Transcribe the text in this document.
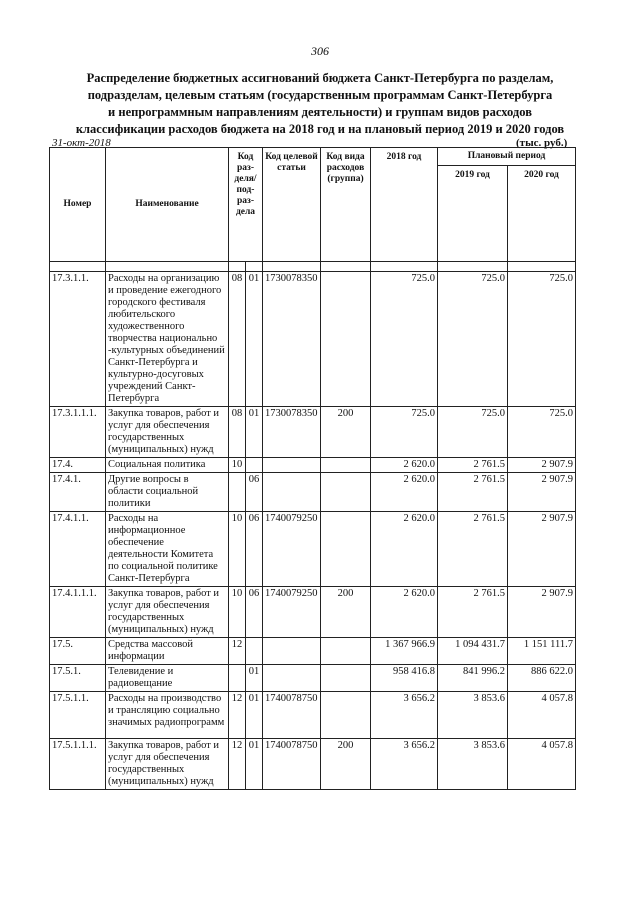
306
Распределение бюджетных ассигнований бюджета Санкт-Петербурга по разделам,
подразделам, целевым статьям (государственным программам Санкт-Петербурга
и непрограммным направлениям деятельности) и группам видов расходов
классификации расходов бюджета на 2018 год и на плановый период 2019 и 2020 годов
31-окт-2018	(тыс. руб.)
Номер	Наименование	Код раз- деля/ под- раз- дела		Код целевой статьи	Код вида расходов (группа)	2018 год	Плановый период	
							2019 год	2020 год

17.3.1.1.	Расходы на организацию и проведение ежегодного городского фестиваля любительского художественного творчества национально -культурных объединений Санкт-Петербурга и культурно-досуговых учреждений Санкт-Петербурга	08	01	1730078350		725.0	725.0	725.0
17.3.1.1.1.	Закупка товаров, работ и услуг для обеспечения государственных (муниципальных) нужд	08	01	1730078350	200	725.0	725.0	725.0
17.4.	Социальная политика	10				2 620.0	2 761.5	2 907.9
17.4.1.	Другие вопросы в области социальной политики		06			2 620.0	2 761.5	2 907.9
17.4.1.1.	Расходы на информационное обеспечение деятельности Комитета по социальной политике Санкт-Петербурга	10	06	1740079250		2 620.0	2 761.5	2 907.9
17.4.1.1.1.	Закупка товаров, работ и услуг для обеспечения государственных (муниципальных) нужд	10	06	1740079250	200	2 620.0	2 761.5	2 907.9
17.5.	Средства массовой информации	12				1 367 966.9	1 094 431.7	1 151 111.7
17.5.1.	Телевидение и радиовещание		01			958 416.8	841 996.2	886 622.0
17.5.1.1.	Расходы на производство и трансляцию социально значимых радиопрограмм	12	01	1740078750		3 656.2	3 853.6	4 057.8
17.5.1.1.1.	Закупка товаров, работ и услуг для обеспечения государственных (муниципальных) нужд	12	01	1740078750	200	3 656.2	3 853.6	4 057.8
